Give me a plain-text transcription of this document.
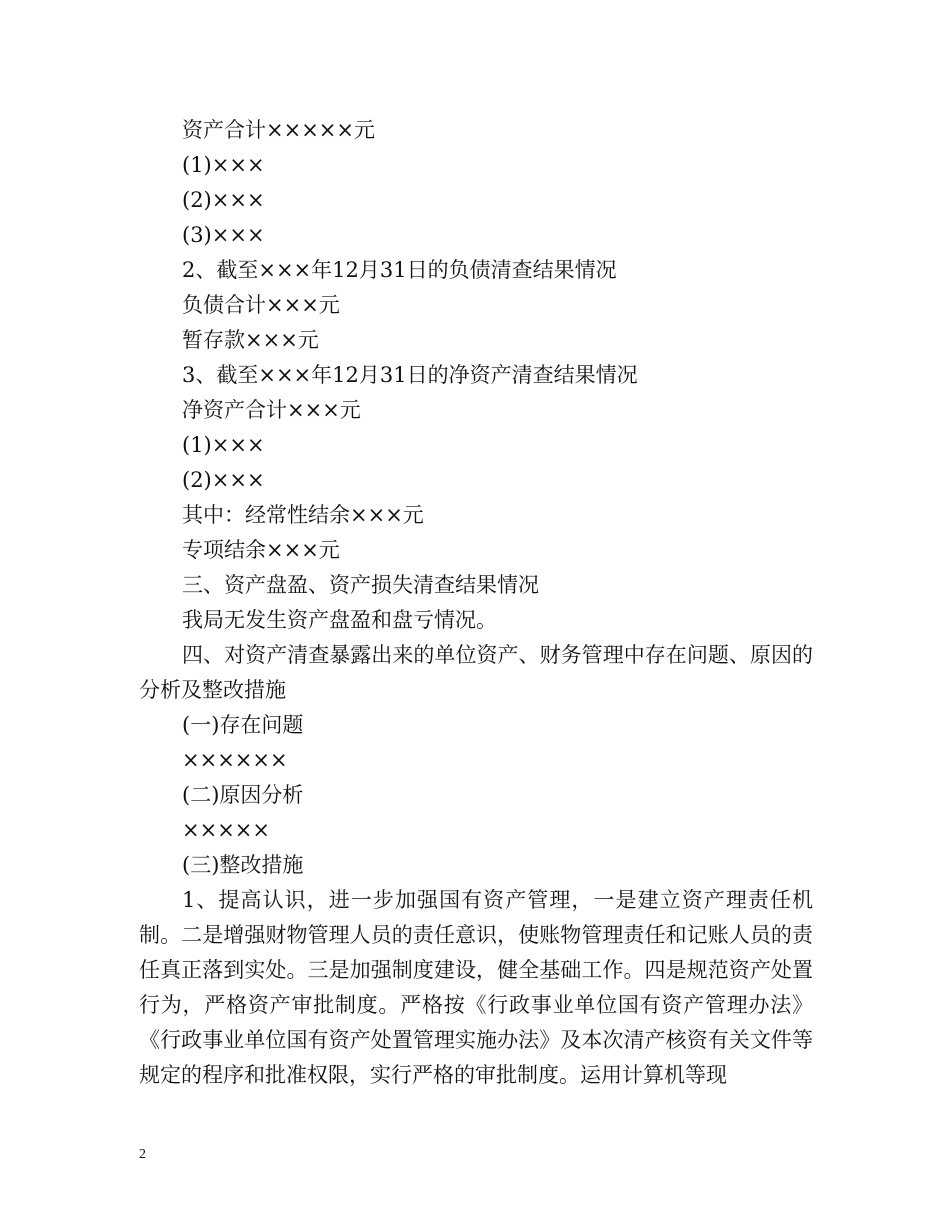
资产合计×××××元
(1)×××
(2)×××
(3)×××
2、截至×××年12月31日的负债清查结果情况
负债合计×××元
暂存款×××元
3、截至×××年12月31日的净资产清查结果情况
净资产合计×××元
(1)×××
(2)×××
其中：经常性结余×××元
专项结余×××元
三、资产盘盈、资产损失清查结果情况
我局无发生资产盘盈和盘亏情况。
四、对资产清查暴露出来的单位资产、财务管理中存在问题、原因的分析及整改措施
(一)存在问题
××××××
(二)原因分析
×××××
(三)整改措施
1、提高认识，进一步加强国有资产管理，一是建立资产理责任机制。二是增强财物管理人员的责任意识，使账物管理责任和记账人员的责任真正落到实处。三是加强制度建设，健全基础工作。四是规范资产处置行为，严格资产审批制度。严格按《行政事业单位国有资产管理办法》《行政事业单位国有资产处置管理实施办法》及本次清产核资有关文件等规定的程序和批准权限，实行严格的审批制度。运用计算机等现
2
